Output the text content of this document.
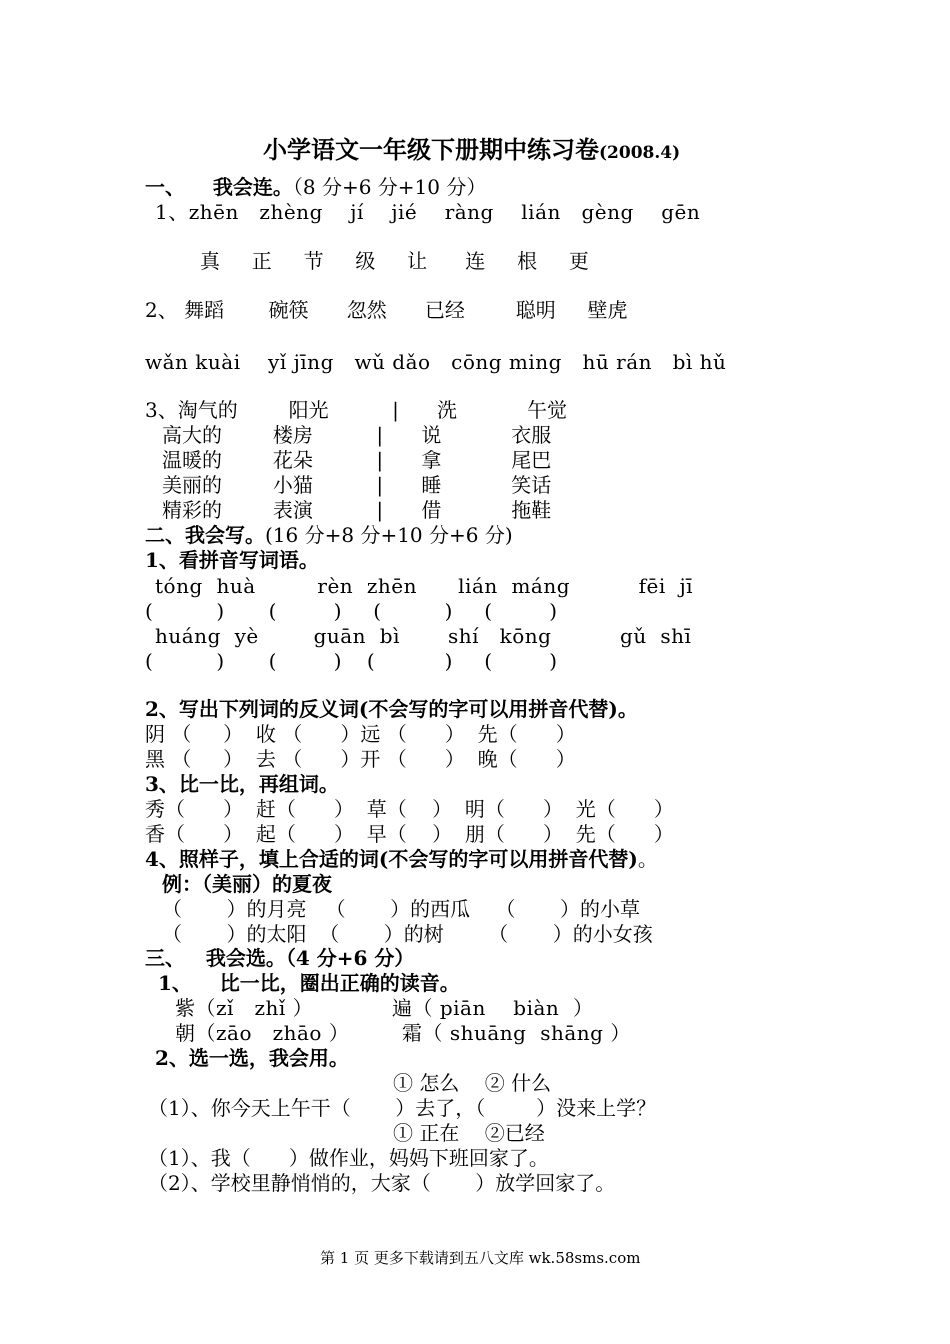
小学语文一年级下册期中练习卷(2008.4)
一、    我会连。（8 分+6 分+10 分）
1、zhēn   zhèng    jí    jié    ràng    lián   gèng    gēn
真     正     节     级     让      连     根     更
2、 舞蹈       碗筷      忽然      已经        聪明     壁虎
wǎn kuài    yǐ jīng   wǔ dǎo   cōng ming   hū rán   bì hǔ
3、淘气的        阳光          |      洗           午觉
高大的        楼房          |      说           衣服
温暖的        花朵          |      拿           尾巴
美丽的        小猫          |      睡           笑话
精彩的        表演          |      借           拖鞋
二、我会写。(16 分+8 分+10 分+6 分)
1、看拼音写词语。
tóng  huà         rèn  zhēn      lián  máng          fēi  jī
(          )       (         )     (          )     (         )
huáng  yè        guān  bì       shí   kōng          gǔ  shī
(          )       (         )    (           )     (         )
2、写出下列词的反义词(不会写的字可以用拼音代替)。
阴 （     ）  收 （      ）远 （      ）  先（      ）
黑 （     ）  去 （      ）开 （      ）  晚（      ）
3、比一比，再组词。
秀（      ）  赶（      ）  草（    ）  明（      ）  光（      ）
香（      ）  起（      ）  早（    ）  朋（      ）  先（      ）
4、照样子，填上合适的词(不会写的字可以用拼音代替)。
例：（美丽）的夏夜
（       ）的月亮   （       ）的西瓜    （       ）的小草
（       ）的太阳  （       ）的树       （       ）的小女孩
三、   我会选。（4 分+6 分）
1、    比一比，圈出正确的读音。
紫（zǐ   zhǐ ）	遍（ piān    biàn  ）
朝（zāo   zhāo ）	霜（ shuāng  shāng ）
2、选一选，我会用。
① 怎么    ② 什么
（1）、你今天上午干（       ）去了，（        ）没来上学？
① 正在    ②已经
（1）、我（      ）做作业，妈妈下班回家了。
（2）、学校里静悄悄的，大家（       ）放学回家了。
第 1 页 更多下载请到五八文库 wk.58sms.com
